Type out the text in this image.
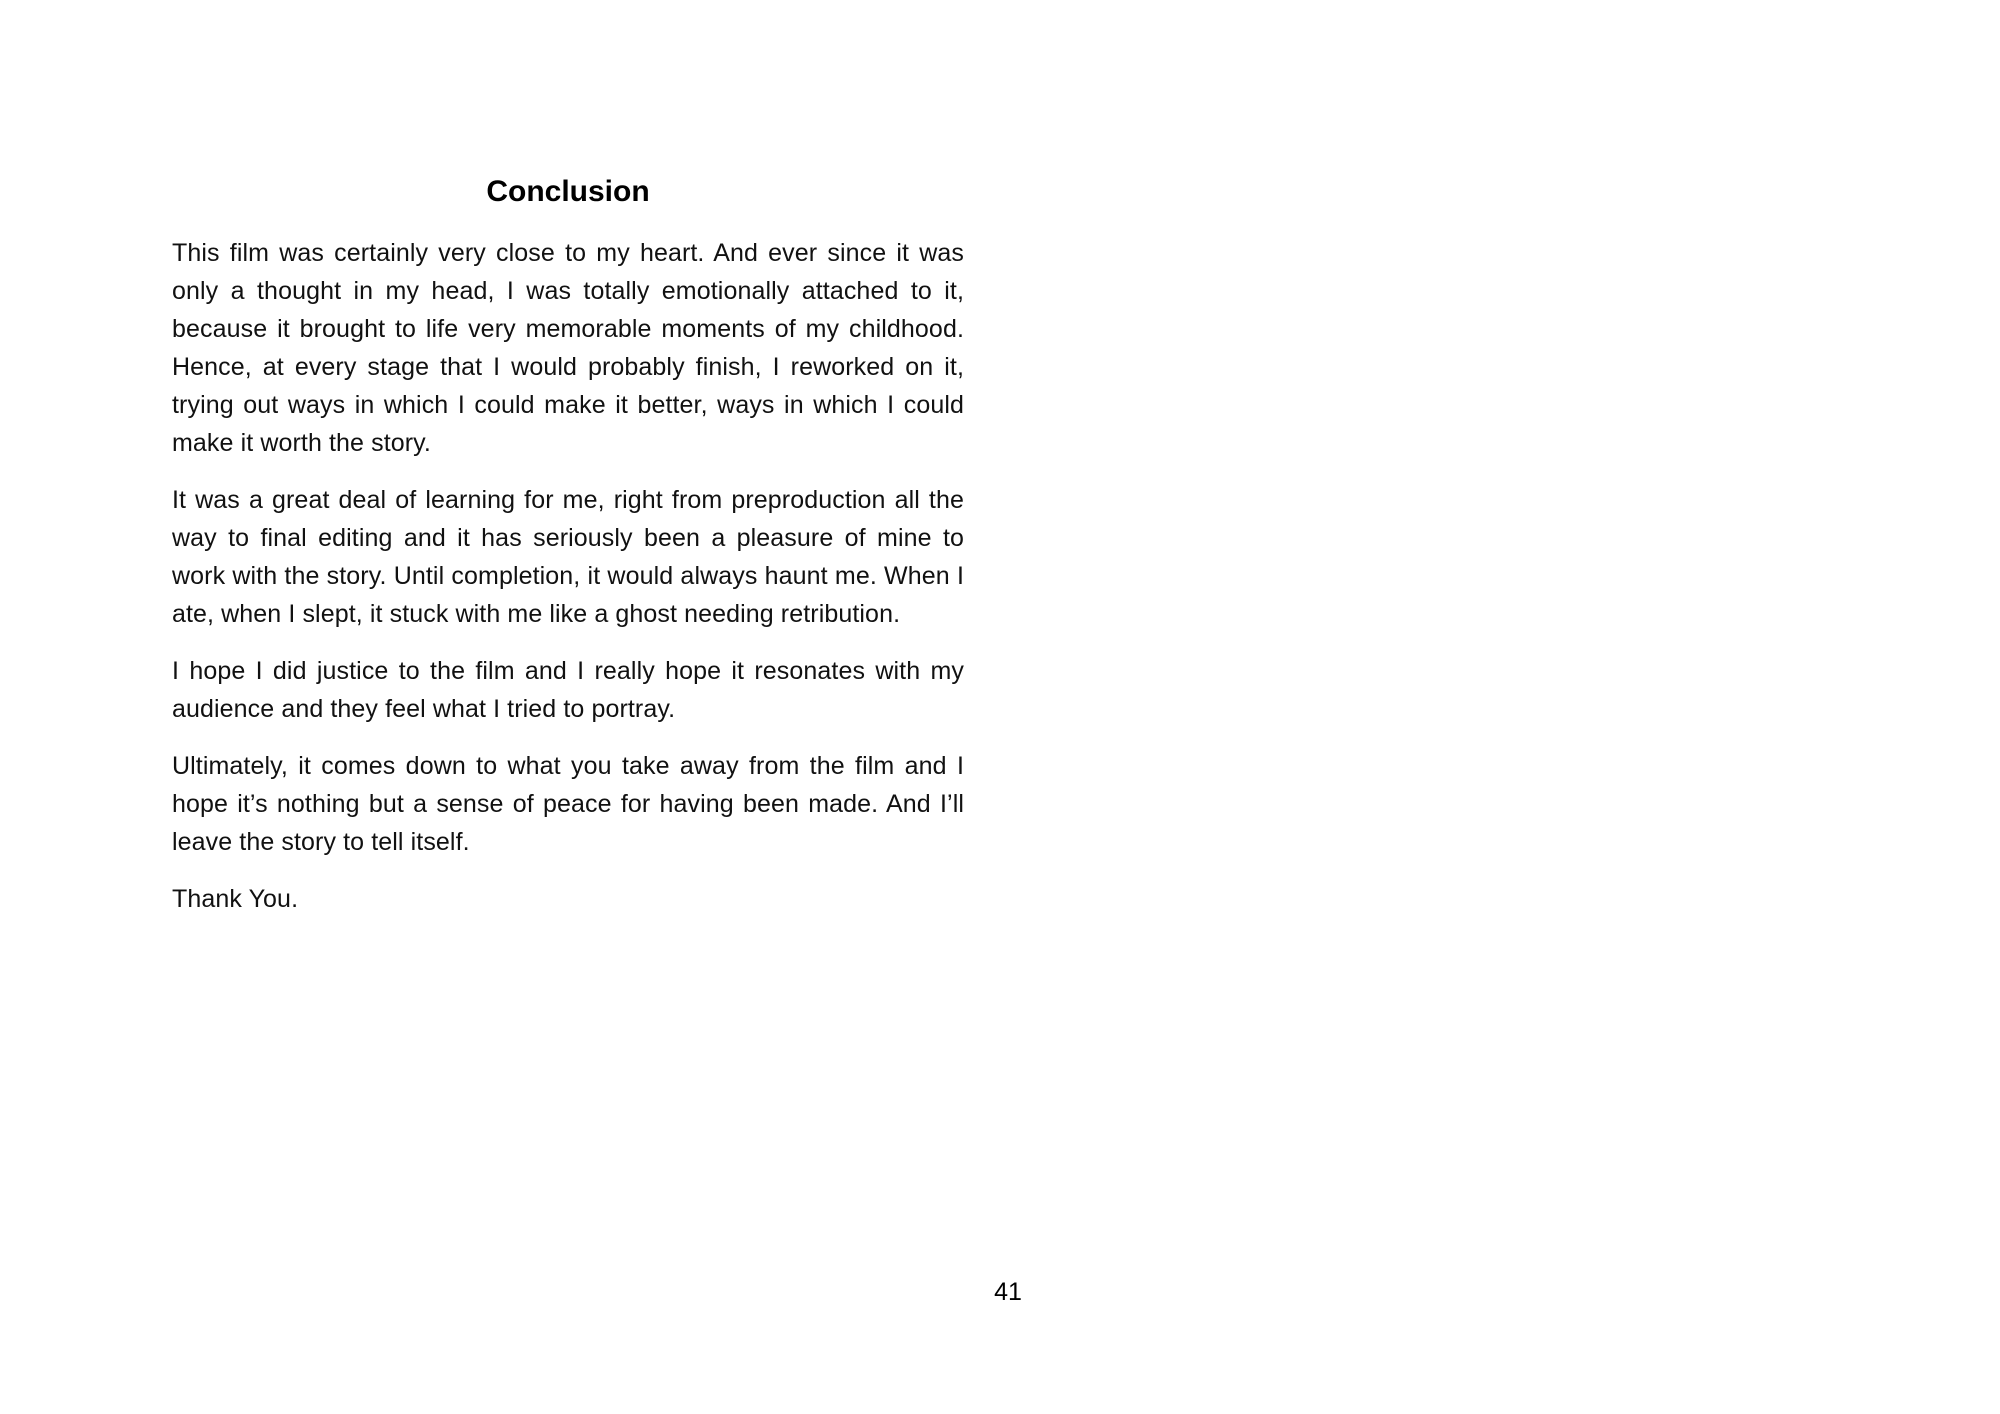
Conclusion

This film was certainly very close to my heart. And ever since it was only a thought in my head, I was totally emotionally attached to it, because it brought to life very memorable moments of my childhood. Hence, at every stage that I would probably finish, I reworked on it, trying out ways in which I could make it better, ways in which I could make it worth the story.

It was a great deal of learning for me, right from preproduction all the way to final editing and it has seriously been a pleasure of mine to work with the story. Until completion, it would always haunt me. When I ate, when I slept, it stuck with me like a ghost needing retribution.

I hope I did justice to the film and I really hope it resonates with my audience and they feel what I tried to portray.

Ultimately, it comes down to what you take away from the film and I hope it’s nothing but a sense of peace for having been made. And I’ll leave the story to tell itself.

Thank You.

41
